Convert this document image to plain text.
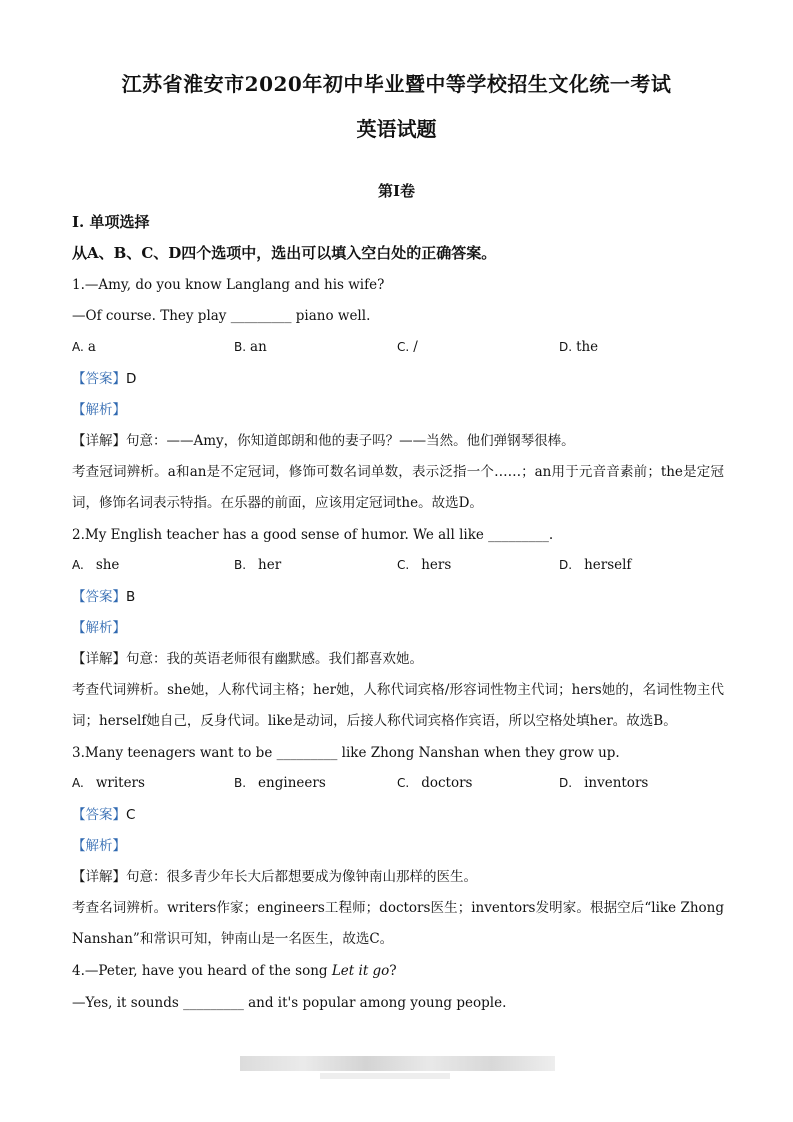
江苏省淮安市2020年初中毕业暨中等学校招生文化统一考试
英语试题
第I卷
I. 单项选择
从A、B、C、D四个选项中，选出可以填入空白处的正确答案。
1.—Amy, do you know Langlang and his wife?
—Of course. They play _________ piano well.
A. a	B. an	C. /	D. the
【答案】D
【解析】
【详解】句意：——Amy，你知道郎朗和他的妻子吗？——当然。他们弹钢琴很棒。
考查冠词辨析。a和an是不定冠词，修饰可数名词单数，表示泛指一个……；an用于元音音素前；the是定冠词，修饰名词表示特指。在乐器的前面，应该用定冠词the。故选D。
2.My English teacher has a good sense of humor. We all like _________.
A. she	B. her	C. hers	D. herself
【答案】B
【解析】
【详解】句意：我的英语老师很有幽默感。我们都喜欢她。
考查代词辨析。she她，人称代词主格；her她，人称代词宾格/形容词性物主代词；hers她的，名词性物主代词；herself她自己，反身代词。like是动词，后接人称代词宾格作宾语，所以空格处填her。故选B。
3.Many teenagers want to be _________ like Zhong Nanshan when they grow up.
A. writers	B. engineers	C. doctors	D. inventors
【答案】C
【解析】
【详解】句意：很多青少年长大后都想要成为像钟南山那样的医生。
考查名词辨析。writers作家；engineers工程师；doctors医生；inventors发明家。根据空后“like Zhong Nanshan”和常识可知，钟南山是一名医生，故选C。
4.—Peter, have you heard of the song Let it go?
—Yes, it sounds _________ and it's popular among young people.
